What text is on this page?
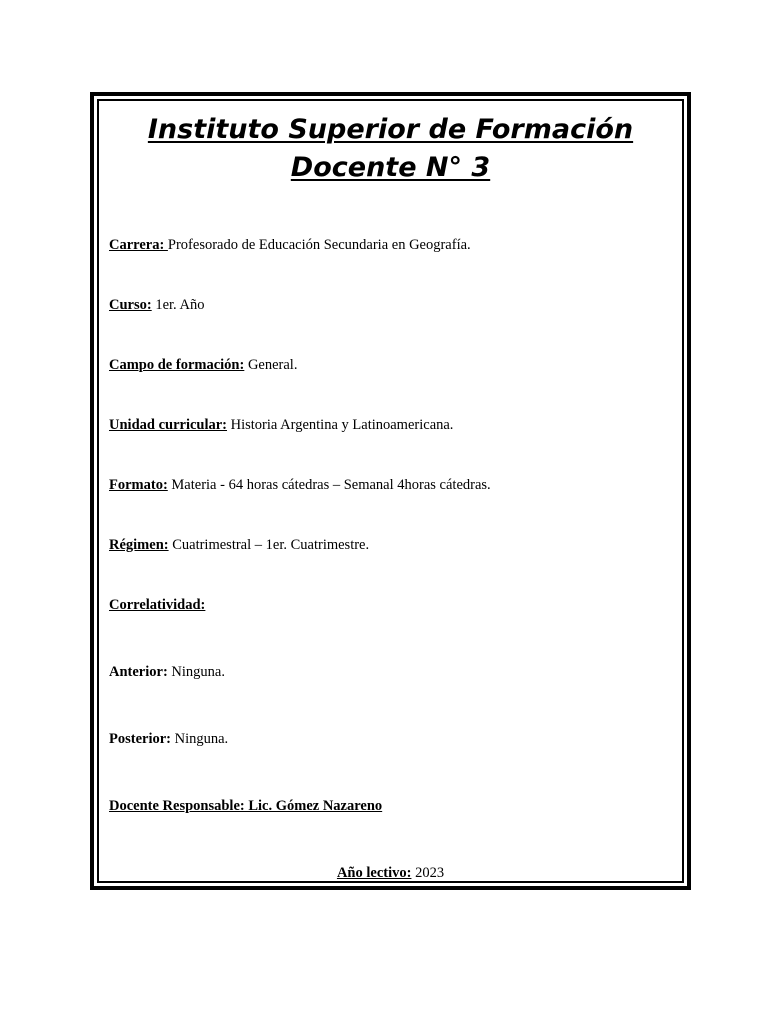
Instituto Superior de Formación
Docente N° 3
Carrera: Profesorado de Educación Secundaria en Geografía.
Curso: 1er. Año
Campo de formación: General.
Unidad curricular: Historia Argentina y Latinoamericana.
Formato: Materia - 64 horas cátedras – Semanal 4horas cátedras.
Régimen: Cuatrimestral – 1er. Cuatrimestre.
Correlatividad:
Anterior: Ninguna.
Posterior: Ninguna.
Docente Responsable: Lic. Gómez Nazareno
Año lectivo: 2023
